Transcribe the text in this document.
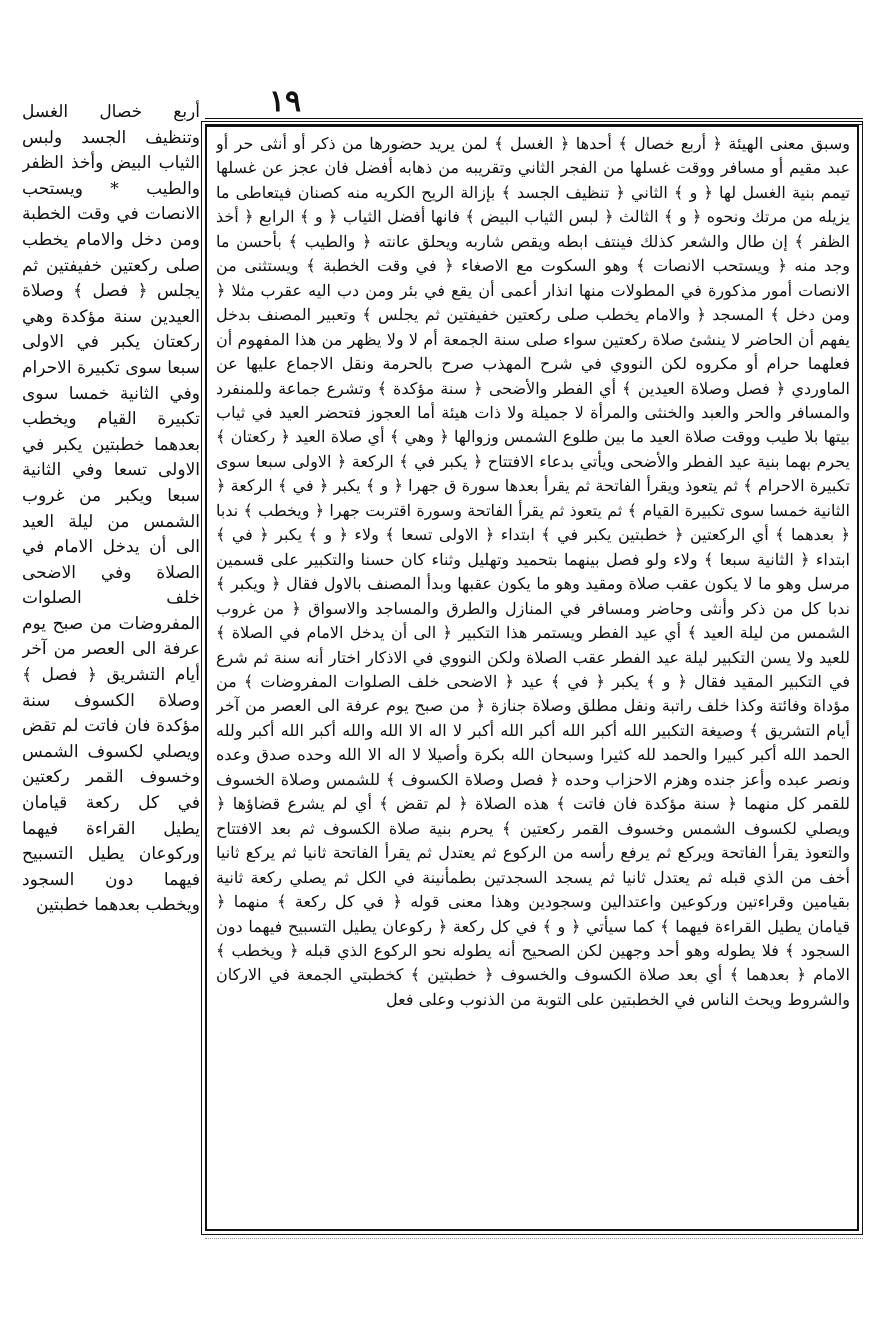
١٩

وسبق معنى الهيئة ﴿ أربع خصال ﴾ أحدها ﴿ الغسل ﴾ لمن يريد حضورها من ذكر أو أنثى حر أو عبد مقيم أو مسافر ووقت غسلها من الفجر الثاني وتقريبه من ذهابه أفضل فان عجز عن غسلها تيمم بنية الغسل لها ﴿ و ﴾ الثاني ﴿ تنظيف الجسد ﴾ بإزالة الريح الكريه منه كصنان فيتعاطى ما يزيله من مرتك ونحوه ﴿ و ﴾ الثالث ﴿ لبس الثياب البيض ﴾ فانها أفضل الثياب ﴿ و ﴾ الرابع ﴿ أخذ الظفر ﴾ إن طال والشعر كذلك فينتف ابطه ويقص شاربه ويحلق عانته ﴿ والطيب ﴾ بأحسن ما وجد منه ﴿ ويستحب الانصات ﴾ وهو السكوت مع الاصغاء ﴿ في وقت الخطبة ﴾ ويستثنى من الانصات أمور مذكورة في المطولات منها انذار أعمى أن يقع في بئر ومن دب اليه عقرب مثلا ﴿ ومن دخل ﴾ المسجد ﴿ والامام يخطب صلى ركعتين خفيفتين ثم يجلس ﴾ وتعبير المصنف بدخل يفهم أن الحاضر لا ينشئ صلاة ركعتين سواء صلى سنة الجمعة أم لا ولا يظهر من هذا المفهوم أن فعلهما حرام أو مكروه لكن النووي في شرح المهذب صرح بالحرمة ونقل الاجماع عليها عن الماوردي ﴿ فصل وصلاة العيدين ﴾ أي الفطر والأضحى ﴿ سنة مؤكدة ﴾ وتشرع جماعة وللمنفرد والمسافر والحر والعبد والخنثى والمرأة لا جميلة ولا ذات هيئة أما العجوز فتحضر العيد في ثياب بيتها بلا طيب ووقت صلاة العيد ما بين طلوع الشمس وزوالها ﴿ وهي ﴾ أي صلاة العيد ﴿ ركعتان ﴾ يحرم بهما بنية عيد الفطر والأضحى ويأتي بدعاء الافتتاح ﴿ يكبر في ﴾ الركعة ﴿ الاولى سبعا سوى تكبيرة الاحرام ﴾ ثم يتعوذ ويقرأ الفاتحة ثم يقرأ بعدها سورة ق جهرا ﴿ و ﴾ يكبر ﴿ في ﴾ الركعة ﴿ الثانية خمسا سوى تكبيرة القيام ﴾ ثم يتعوذ ثم يقرأ الفاتحة وسورة اقتربت جهرا ﴿ ويخطب ﴾ ندبا ﴿ بعدهما ﴾ أي الركعتين ﴿ خطبتين يكبر في ﴾ ابتداء ﴿ الاولى تسعا ﴾ ولاء ﴿ و ﴾ يكبر ﴿ في ﴾ ابتداء ﴿ الثانية سبعا ﴾ ولاء ولو فصل بينهما بتحميد وتهليل وثناء كان حسنا والتكبير على قسمين مرسل وهو ما لا يكون عقب صلاة ومقيد وهو ما يكون عقبها وبدأ المصنف بالاول فقال ﴿ ويكبر ﴾ ندبا كل من ذكر وأنثى وحاضر ومسافر في المنازل والطرق والمساجد والاسواق ﴿ من غروب الشمس من ليلة العيد ﴾ أي عيد الفطر ويستمر هذا التكبير ﴿ الى أن يدخل الامام في الصلاة ﴾ للعيد ولا يسن التكبير ليلة عيد الفطر عقب الصلاة ولكن النووي في الاذكار اختار أنه سنة ثم شرع في التكبير المقيد فقال ﴿ و ﴾ يكبر ﴿ في ﴾ عيد ﴿ الاضحى خلف الصلوات المفروضات ﴾ من مؤداة وفائتة وكذا خلف راتبة ونفل مطلق وصلاة جنازة ﴿ من صبح يوم عرفة الى العصر من آخر أيام التشريق ﴾ وصيغة التكبير الله أكبر الله أكبر الله أكبر لا اله الا الله والله أكبر الله أكبر ولله الحمد الله أكبر كبيرا والحمد لله كثيرا وسبحان الله بكرة وأصيلا لا اله الا الله وحده صدق وعده ونصر عبده وأعز جنده وهزم الاحزاب وحده ﴿ فصل وصلاة الكسوف ﴾ للشمس وصلاة الخسوف للقمر كل منهما ﴿ سنة مؤكدة فان فاتت ﴾ هذه الصلاة ﴿ لم تقض ﴾ أي لم يشرع قضاؤها ﴿ ويصلي لكسوف الشمس وخسوف القمر ركعتين ﴾ يحرم بنية صلاة الكسوف ثم بعد الافتتاح والتعوذ يقرأ الفاتحة ويركع ثم يرفع رأسه من الركوع ثم يعتدل ثم يقرأ الفاتحة ثانيا ثم يركع ثانيا أخف من الذي قبله ثم يعتدل ثانيا ثم يسجد السجدتين بطمأنينة في الكل ثم يصلي ركعة ثانية بقيامين وقراءتين وركوعين واعتدالين وسجودين وهذا معنى قوله ﴿ في كل ركعة ﴾ منهما ﴿ قيامان يطيل القراءة فيهما ﴾ كما سيأتي ﴿ و ﴾ في كل ركعة ﴿ ركوعان يطيل التسبيح فيهما دون السجود ﴾ فلا يطوله وهو أحد وجهين لكن الصحيح أنه يطوله نحو الركوع الذي قبله ﴿ ويخطب ﴾ الامام ﴿ بعدهما ﴾ أي بعد صلاة الكسوف والخسوف ﴿ خطبتين ﴾ كخطبتي الجمعة في الاركان والشروط ويحث الناس في الخطبتين على التوبة من الذنوب وعلى فعل

أربع خصال الغسل وتنظيف الجسد ولبس الثياب البيض وأخذ الظفر والطيب * ويستحب الانصات في وقت الخطبة ومن دخل والامام يخطب صلى ركعتين خفيفتين ثم يجلس ﴿ فصل ﴾ وصلاة العيدين سنة مؤكدة وهي ركعتان يكبر في الاولى سبعا سوى تكبيرة الاحرام وفي الثانية خمسا سوى تكبيرة القيام ويخطب بعدهما خطبتين يكبر في الاولى تسعا وفي الثانية سبعا ويكبر من غروب الشمس من ليلة العيد الى أن يدخل الامام في الصلاة وفي الاضحى خلف الصلوات المفروضات من صبح يوم عرفة الى العصر من آخر أيام التشريق ﴿ فصل ﴾ وصلاة الكسوف سنة مؤكدة فان فاتت لم تقض ويصلي لكسوف الشمس وخسوف القمر ركعتين في كل ركعة قيامان يطيل القراءة فيهما وركوعان يطيل التسبيح فيهما دون السجود ويخطب بعدهما خطبتين
